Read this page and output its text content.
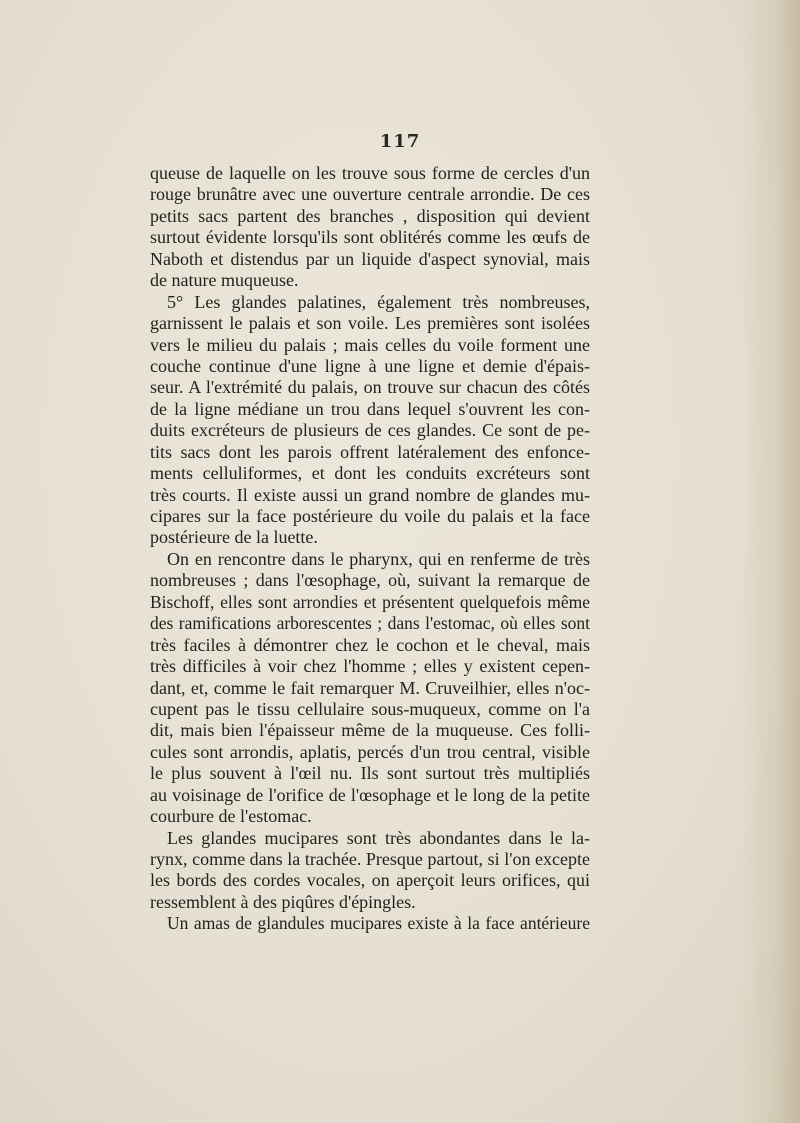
117
queuse de laquelle on les trouve sous forme de cercles d'un
rouge brunâtre avec une ouverture centrale arrondie. De ces
petits sacs partent des branches , disposition qui devient
surtout évidente lorsqu'ils sont oblitérés comme les œufs de
Naboth et distendus par un liquide d'aspect synovial, mais
de nature muqueuse.
5° Les glandes palatines, également très nombreuses,
garnissent le palais et son voile. Les premières sont isolées
vers le milieu du palais ; mais celles du voile forment une
couche continue d'une ligne à une ligne et demie d'épais-
seur. A l'extrémité du palais, on trouve sur chacun des côtés
de la ligne médiane un trou dans lequel s'ouvrent les con-
duits excréteurs de plusieurs de ces glandes. Ce sont de pe-
tits sacs dont les parois offrent latéralement des enfonce-
ments celluliformes, et dont les conduits excréteurs sont
très courts. Il existe aussi un grand nombre de glandes mu-
cipares sur la face postérieure du voile du palais et la face
postérieure de la luette.
On en rencontre dans le pharynx, qui en renferme de très
nombreuses ; dans l'œsophage, où, suivant la remarque de
Bischoff, elles sont arrondies et présentent quelquefois même
des ramifications arborescentes ; dans l'estomac, où elles sont
très faciles à démontrer chez le cochon et le cheval, mais
très difficiles à voir chez l'homme ; elles y existent cepen-
dant, et, comme le fait remarquer M. Cruveilhier, elles n'oc-
cupent pas le tissu cellulaire sous-muqueux, comme on l'a
dit, mais bien l'épaisseur même de la muqueuse. Ces folli-
cules sont arrondis, aplatis, percés d'un trou central, visible
le plus souvent à l'œil nu. Ils sont surtout très multipliés
au voisinage de l'orifice de l'œsophage et le long de la petite
courbure de l'estomac.
Les glandes mucipares sont très abondantes dans le la-
rynx, comme dans la trachée. Presque partout, si l'on excepte
les bords des cordes vocales, on aperçoit leurs orifices, qui
ressemblent à des piqûres d'épingles.
Un amas de glandules mucipares existe à la face antérieure
